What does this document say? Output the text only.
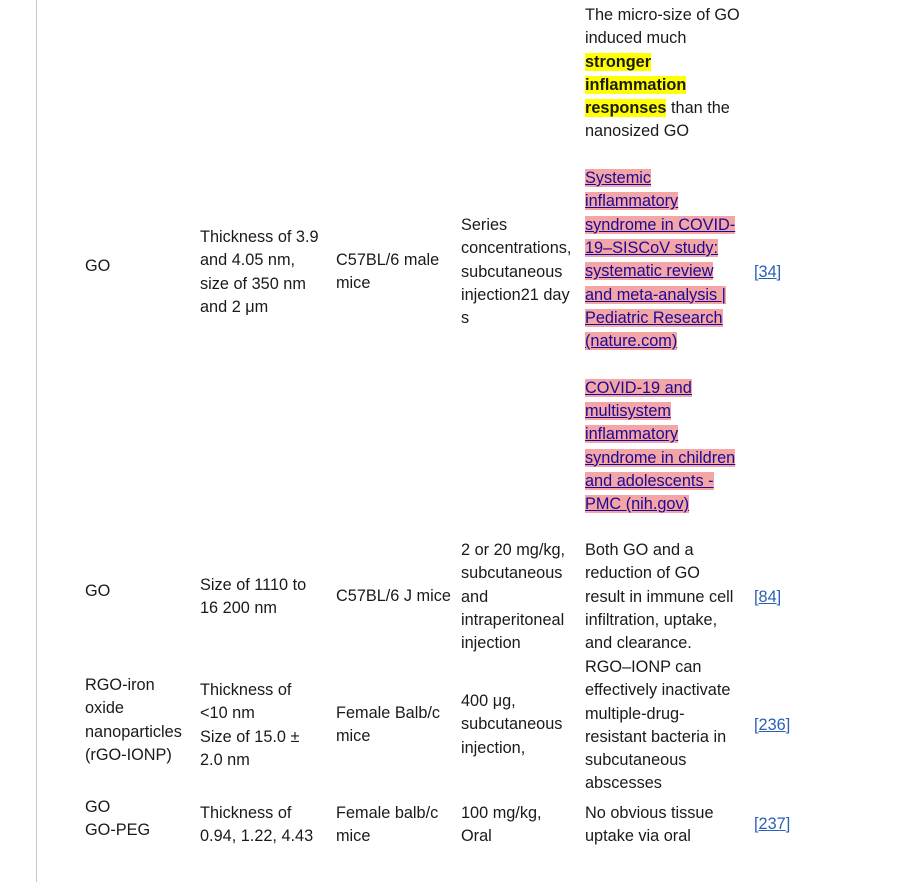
GO
Thickness of 3.9
and 4.05 nm,
size of 350 nm
and 2 μm
C57BL/6 male
mice
Series
concentrations,
subcutaneous
injection21 day
s
The micro-size of GO
induced much
stronger
inflammation
responses than the
nanosized GO
Systemic
inflammatory
syndrome in COVID-
19–SISCoV study:
systematic review
and meta-analysis |
Pediatric Research
(nature.com)
COVID-19 and
multisystem
inflammatory
syndrome in children
and adolescents -
PMC (nih.gov)
[34]
GO	Size of 1110 to
16 200 nm
C57BL/6 J mice
2 or 20 mg/kg,
subcutaneous
and
intraperitoneal
injection
Both GO and a
reduction of GO
result in immune cell
infiltration, uptake,
and clearance.
[84]
RGO-iron
oxide
nanoparticles
(rGO-IONP)
Thickness of
<10 nm
Size of 15.0 ±
2.0 nm
Female Balb/c
mice
400 μg,
subcutaneous
injection,
RGO–IONP can
effectively inactivate
multiple-drug-
resistant bacteria in
subcutaneous
abscesses
[236]
GO
GO-PEG
Thickness of
0.94, 1.22, 4.43
Female balb/c
mice
100 mg/kg,
Oral
No obvious tissue
uptake via oral
[237]
